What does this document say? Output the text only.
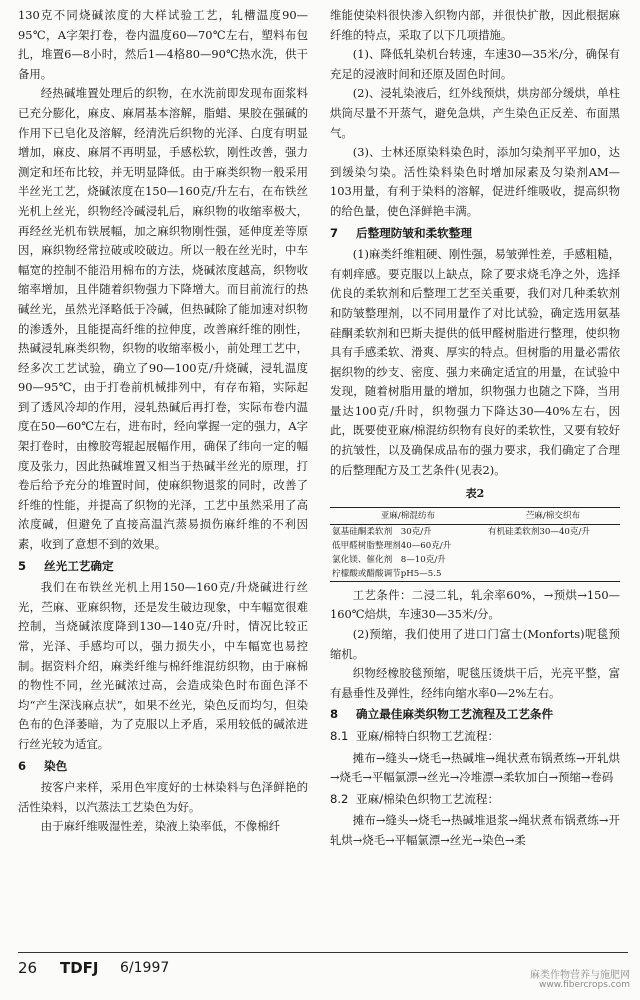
130克不同烧碱浓度的大样试验工艺，轧槽温度90—95℃，A字架打卷，卷内温度60—70℃左右，塑料布包扎，堆置6—8小时，然后1—4格80—90℃热水洗，供干备用。

经热碱堆置处理后的织物，在水洗前即发现布面浆料已充分膨化，麻皮、麻屑基本溶解，脂蜡、果胶在强碱的作用下已皂化及溶解，经清洗后织物的光泽、白度有明显增加，麻皮、麻屑不再明显，手感松软，刚性改善，强力测定和坯布比较，并无明显降低。由于麻类织物一般采用半丝光工艺，烧碱浓度在150—160克/升左右，在布铁丝光机上丝光，织物经冷碱浸轧后，麻织物的收缩率极大，再经丝光机布铁展幅，加之麻织物刚性强，延伸度差等原因，麻织物经常拉破或咬破边。所以一般在丝光时，中车幅宽的控制不能沿用棉布的方法，烧碱浓度越高，织物收缩率增加，且伴随着织物强力下降增大。而目前流行的热碱丝光，虽然光泽略低于冷碱，但热碱除了能加速对织物的渗透外，且能提高纤维的拉伸度，改善麻纤维的刚性，热碱浸轧麻类织物，织物的收缩率极小，前处理工艺中，经多次工艺试验，确立了90—100克/升烧碱，浸轧温度90—95℃，由于打卷前机械排列中，有存布箱，实际起到了透风冷却的作用，浸轧热碱后再打卷，实际布卷内温度在50—60℃左右，进布时，经向掌握一定的强力，A字架打卷时，由橡胶弯辊起展幅作用，确保了纬向一定的幅度及张力，因此热碱堆置又相当于热碱半丝光的原理，打卷后给予充分的堆置时间，使麻织物退浆的同时，改善了纤维的性能，并提高了织物的光泽，工艺中虽然采用了高浓度碱，但避免了直接高温汽蒸易损伤麻纤维的不利因素，收到了意想不到的效果。

5 丝光工艺确定

我们在布铁丝光机上用150—160克/升烧碱进行丝光，苎麻、亚麻织物，还是发生破边现象，中车幅宽很难控制，当烧碱浓度降到130—140克/升时，情况比较正常，光泽、手感均可以，强力损失小，中车幅宽也易控制。据资料介绍，麻类纤维与棉纤维混纺织物，由于麻棉的物性不同，丝光碱浓过高，会造成染色时布面色泽不均“产生深浅麻点状”，如果不丝光，染色反而均匀，但染色布的色泽萎暗，为了克服以上矛盾，采用较低的碱浓进行丝光较为适宜。

6 染色

按客户来样，采用色牢度好的士林染料与色泽鲜艳的活性染料，以汽蒸法工艺染色为好。

由于麻纤维吸湿性差，染液上染率低，不像棉纤

维能使染料很快渗入织物内部，并很快扩散，因此根据麻纤维的特点，采取了以下几项措施。

(1)、降低轧染机台转速，车速30—35米/分，确保有充足的浸液时间和还原及固色时间。

(2)、浸轧染液后，红外线预烘，烘房部分缓烘，单柱烘筒尽量不开蒸气，避免急烘，产生染色正反差、布面黑气。

(3)、士林还原染料染色时，添加匀染剂平平加0，达到缓染匀染。活性染料染色时增加尿素及匀染剂AM—103用量，有利于染料的溶解，促进纤维吸收，提高织物的给色量，使色泽鲜艳丰满。

7 后整理防皱和柔软整理

(1)麻类纤维粗硬、刚性强，易皱弹性差，手感粗糙，有刺痒感。要克服以上缺点，除了要求烧毛净之外，选择优良的柔软剂和后整理工艺至关重要，我们对几种柔软剂和防皱整理剂，以不同用量作了对比试验，确定选用氨基硅酮柔软剂和巴斯夫提供的低甲醛树脂进行整理，使织物具有手感柔软、滑爽、厚实的特点。但树脂的用量必需依据织物的纱支、密度、强力来确定适宜的用量，在试验中发现，随着树脂用量的增加，织物强力也随之下降，当用量达100克/升时，织物强力下降达30—40%左右，因此，既要使亚麻/棉混纺织物有良好的柔软性，又要有较好的抗皱性，以及确保成品布的强力要求，我们确定了合理的后整理配方及工艺条件(见表2)。

表2
亚麻/棉混纺布	苎麻/棉交织布
氨基硅酮柔软剂　30克/升	有机硅柔软剂30—40克/升
低甲醛树脂整理剂40—60克/升	
氯化镁、催化剂　8—10克/升	
柠檬酸或醋酸调节pH5—5.5	

工艺条件：二浸二轧，轧余率60%，→预烘→150—160℃焙烘，车速30—35米/分。

(2)预缩，我们使用了进口门富士(Monforts)呢毯预缩机。

织物经橡胶毯预缩，呢毯压烫烘干后，光亮平整，富有悬垂性及弹性，经纬向缩水率0—2%左右。

8 确立最佳麻类织物工艺流程及工艺条件
8.1 亚麻/棉特白织物工艺流程：

摊布→缝头→烧毛→热碱堆→绳状煮布锅煮练→开轧烘→烧毛→平幅氯漂→丝光→冷堆漂→柔软加白→预缩→卷码

8.2 亚麻/棉染色织物工艺流程：

摊布→缝头→烧毛→热碱堆退浆→绳状煮布锅煮练→开轧烘→烧毛→平幅氯漂→丝光→染色→柔

26 TDFJ 6/1997	麻类作物营养与施肥网
www.fibercrops.com
